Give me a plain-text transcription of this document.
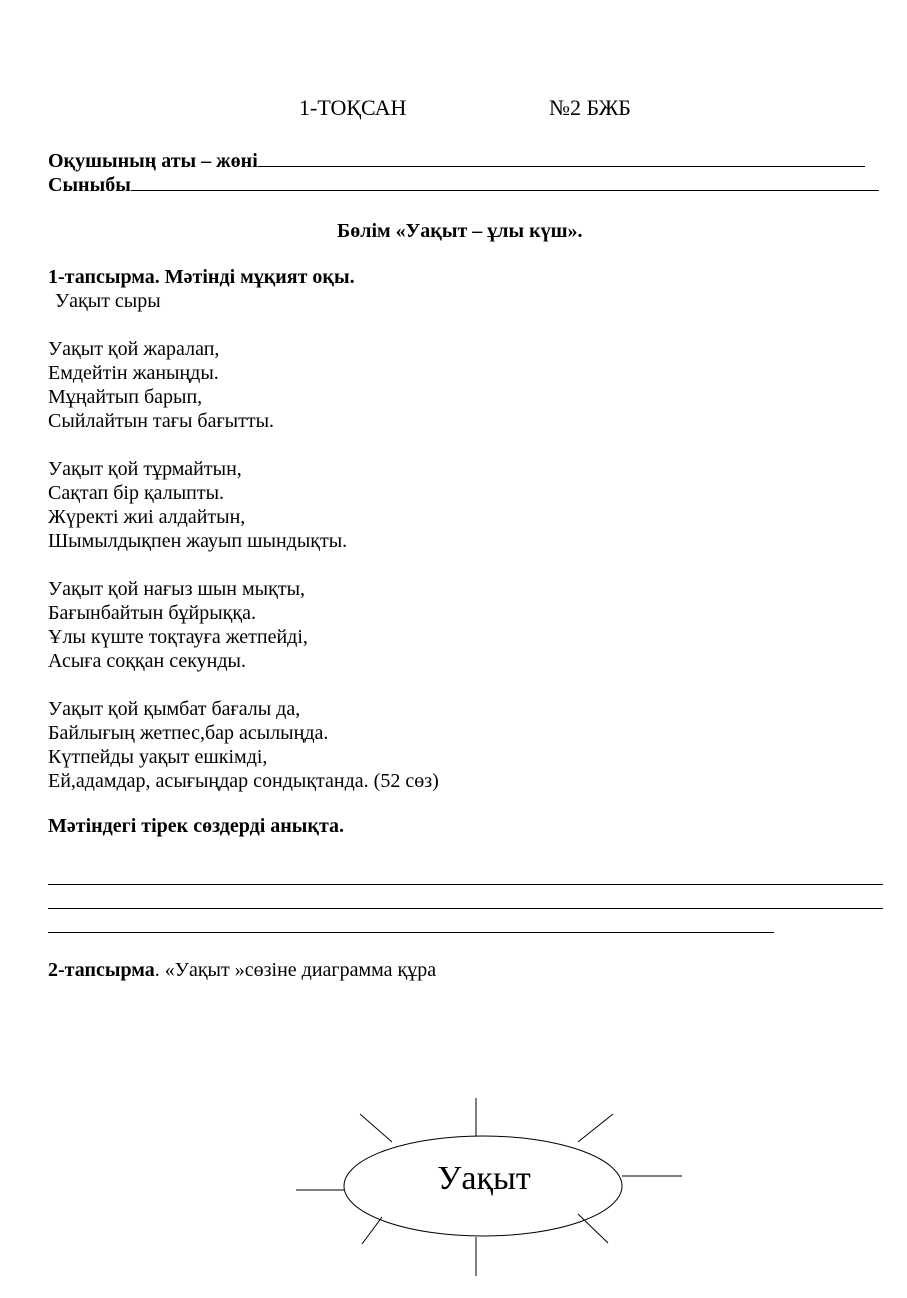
1-ТОҚСАН	№2 БЖБ
Оқушының аты – жөні
Сыныбы
Бөлім «Уақыт – ұлы күш».
1-тапсырма. Мәтінді мұқият оқы.
Уақыт сыры
Уақыт қой жаралап,
Емдейтін жаныңды.
Мұңайтып барып,
Сыйлайтын тағы бағытты.
Уақыт қой тұрмайтын,
Сақтап бір қалыпты.
Жүректі жиі алдайтын,
Шымылдықпен жауып шындықты.
Уақыт қой нағыз шын мықты,
Бағынбайтын бұйрыққа.
Ұлы күште тоқтауға жетпейді,
Асыға соққан секунды.
Уақыт қой қымбат бағалы да,
Байлығың жетпес,бар асылыңда.
Күтпейды уақыт ешкімді,
Ей,адамдар, асығыңдар сондықтанда. (52 сөз)
Мәтіндегі тірек сөздерді анықта.
2-тапсырма. «Уақыт »сөзіне диаграмма құра
Уақыт
